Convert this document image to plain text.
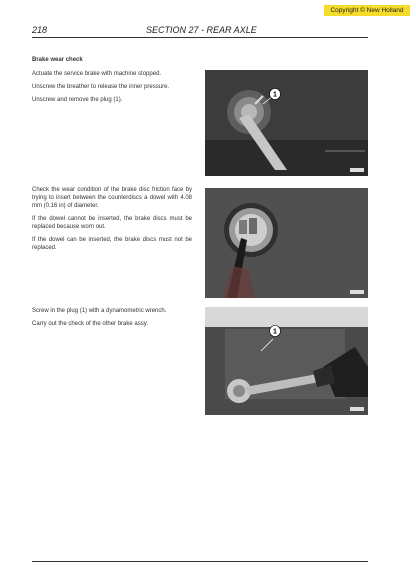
Copyright © New Holland
218	SECTION 27 - REAR AXLE

Brake wear check

Actuate the service brake with machine stopped.

Unscrew the breather to release the inner pressure.

Unscrew and remove the plug (1).

1

Check the wear condition of the brake disc friction face by trying to insert between the counterdiscs a dowel with 4.08 mm (0.16 in) of diameter.

If the dowel cannot be inserted, the brake discs must be replaced because worn out.

If the dowel can be inserted, the brake discs must not be replaced.

Screw in the plug (1) with a dynamometric wrench.

Carry out the check of the other brake assy.

1
